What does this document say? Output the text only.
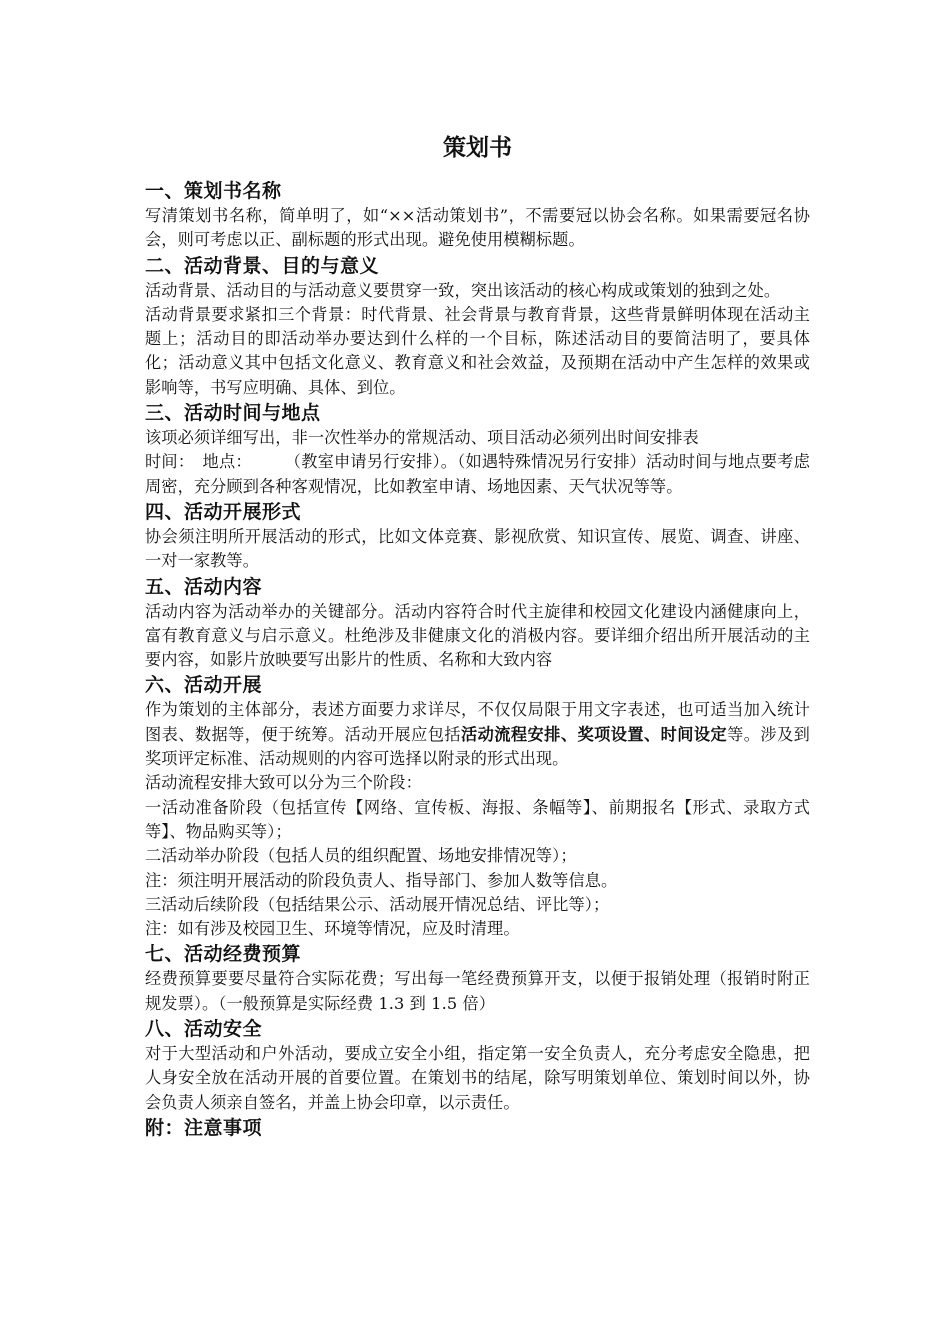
策划书
一、策划书名称
写清策划书名称，简单明了，如“××活动策划书”，不需要冠以协会名称。如果需要冠名协会，则可考虑以正、副标题的形式出现。避免使用模糊标题。
二、活动背景、目的与意义
活动背景、活动目的与活动意义要贯穿一致，突出该活动的核心构成或策划的独到之处。
活动背景要求紧扣三个背景：时代背景、社会背景与教育背景，这些背景鲜明体现在活动主题上；活动目的即活动举办要达到什么样的一个目标，陈述活动目的要简洁明了，要具体化；活动意义其中包括文化意义、教育意义和社会效益，及预期在活动中产生怎样的效果或影响等，书写应明确、具体、到位。
三、活动时间与地点
该项必须详细写出，非一次性举办的常规活动、项目活动必须列出时间安排表
时间：　地点：　　　（教室申请另行安排）。（如遇特殊情况另行安排）活动时间与地点要考虑周密，充分顾到各种客观情况，比如教室申请、场地因素、天气状况等等。
四、活动开展形式
协会须注明所开展活动的形式，比如文体竞赛、影视欣赏、知识宣传、展览、调查、讲座、一对一家教等。
五、活动内容
活动内容为活动举办的关键部分。活动内容符合时代主旋律和校园文化建设内涵健康向上，富有教育意义与启示意义。杜绝涉及非健康文化的消极内容。要详细介绍出所开展活动的主要内容，如影片放映要写出影片的性质、名称和大致内容
六、活动开展
作为策划的主体部分，表述方面要力求详尽，不仅仅局限于用文字表述，也可适当加入统计图表、数据等，便于统筹。活动开展应包括活动流程安排、奖项设置、时间设定等。涉及到奖项评定标准、活动规则的内容可选择以附录的形式出现。
活动流程安排大致可以分为三个阶段：
一活动准备阶段（包括宣传【网络、宣传板、海报、条幅等】、前期报名【形式、录取方式等】、物品购买等）；
二活动举办阶段（包括人员的组织配置、场地安排情况等）；
注：须注明开展活动的阶段负责人、指导部门、参加人数等信息。
三活动后续阶段（包括结果公示、活动展开情况总结、评比等）；
注：如有涉及校园卫生、环境等情况，应及时清理。
七、活动经费预算
经费预算要要尽量符合实际花费；写出每一笔经费预算开支，以便于报销处理（报销时附正规发票）。（一般预算是实际经费 1.3 到 1.5 倍）
八、活动安全
对于大型活动和户外活动，要成立安全小组，指定第一安全负责人，充分考虑安全隐患，把人身安全放在活动开展的首要位置。在策划书的结尾，除写明策划单位、策划时间以外，协会负责人须亲自签名，并盖上协会印章，以示责任。
附：注意事项
